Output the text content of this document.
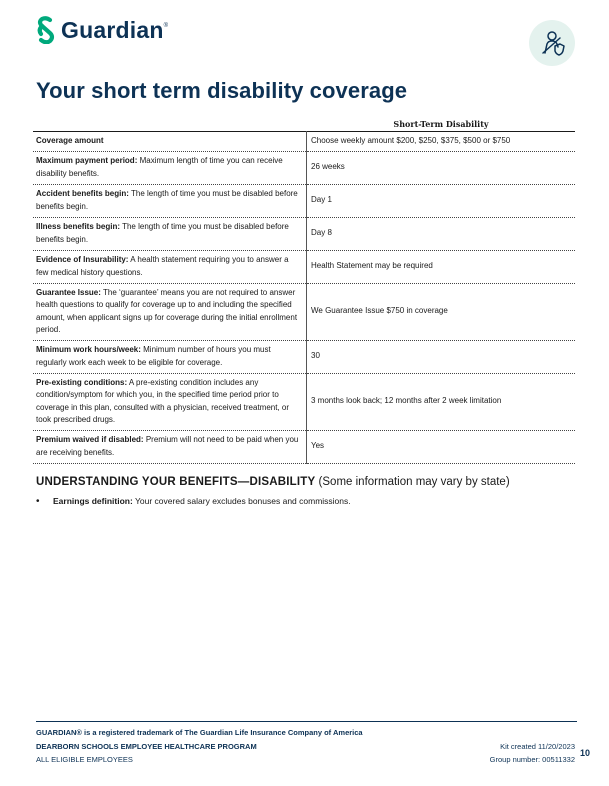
Guardian®
Your short term disability coverage
Short-Term Disability
Coverage amount	Choose weekly amount $200, $250, $375, $500 or $750
Maximum payment period: Maximum length of time you can receive disability benefits.	26 weeks
Accident benefits begin: The length of time you must be disabled before benefits begin.	Day 1
Illness benefits begin: The length of time you must be disabled before benefits begin.	Day 8
Evidence of Insurability: A health statement requiring you to answer a few medical history questions.	Health Statement may be required
Guarantee Issue: The ‘guarantee’ means you are not required to answer health questions to qualify for coverage up to and including the specified amount, when applicant signs up for coverage during the initial enrollment period.	We Guarantee Issue $750 in coverage
Minimum work hours/week: Minimum number of hours you must regularly work each week to be eligible for coverage.	30
Pre-existing conditions: A pre-existing condition includes any condition/symptom for which you, in the specified time period prior to coverage in this plan, consulted with a physician, received treatment, or took prescribed drugs.	3 months look back; 12 months after 2 week limitation
Premium waived if disabled: Premium will not need to be paid when you are receiving benefits.	Yes
UNDERSTANDING YOUR BENEFITS—DISABILITY (Some information may vary by state)
•	Earnings definition: Your covered salary excludes bonuses and commissions.
GUARDIAN® is a registered trademark of The Guardian Life Insurance Company of America
DEARBORN SCHOOLS EMPLOYEE HEALTHCARE PROGRAM
ALL ELIGIBLE EMPLOYEES
Kit created 11/20/2023
Group number: 00511332
10
